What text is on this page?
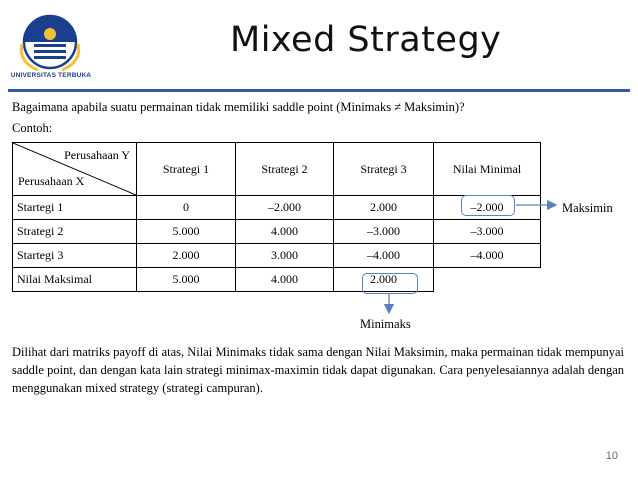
UNIVERSITAS TERBUKA
Mixed Strategy
Bagaimana apabila suatu permainan tidak memiliki saddle point (Minimaks ≠ Maksimin)?
Contoh:
Perusahaan Y
Perusahaan X	Strategi 1	Strategi 2	Strategi 3	Nilai Minimal
Startegi 1	0	–2.000	2.000	–2.000
Strategi 2	5.000	4.000	–3.000	–3.000
Startegi 3	2.000	3.000	–4.000	–4.000
Nilai Maksimal	5.000	4.000	2.000	
Maksimin
Minimaks
Dilihat dari matriks payoff di atas, Nilai Minimaks tidak sama dengan Nilai Maksimin, maka permainan tidak mempunyai saddle point, dan dengan kata lain strategi minimax-maximin tidak dapat digunakan. Cara penyelesaiannya adalah dengan menggunakan mixed strategy (strategi campuran).
10
